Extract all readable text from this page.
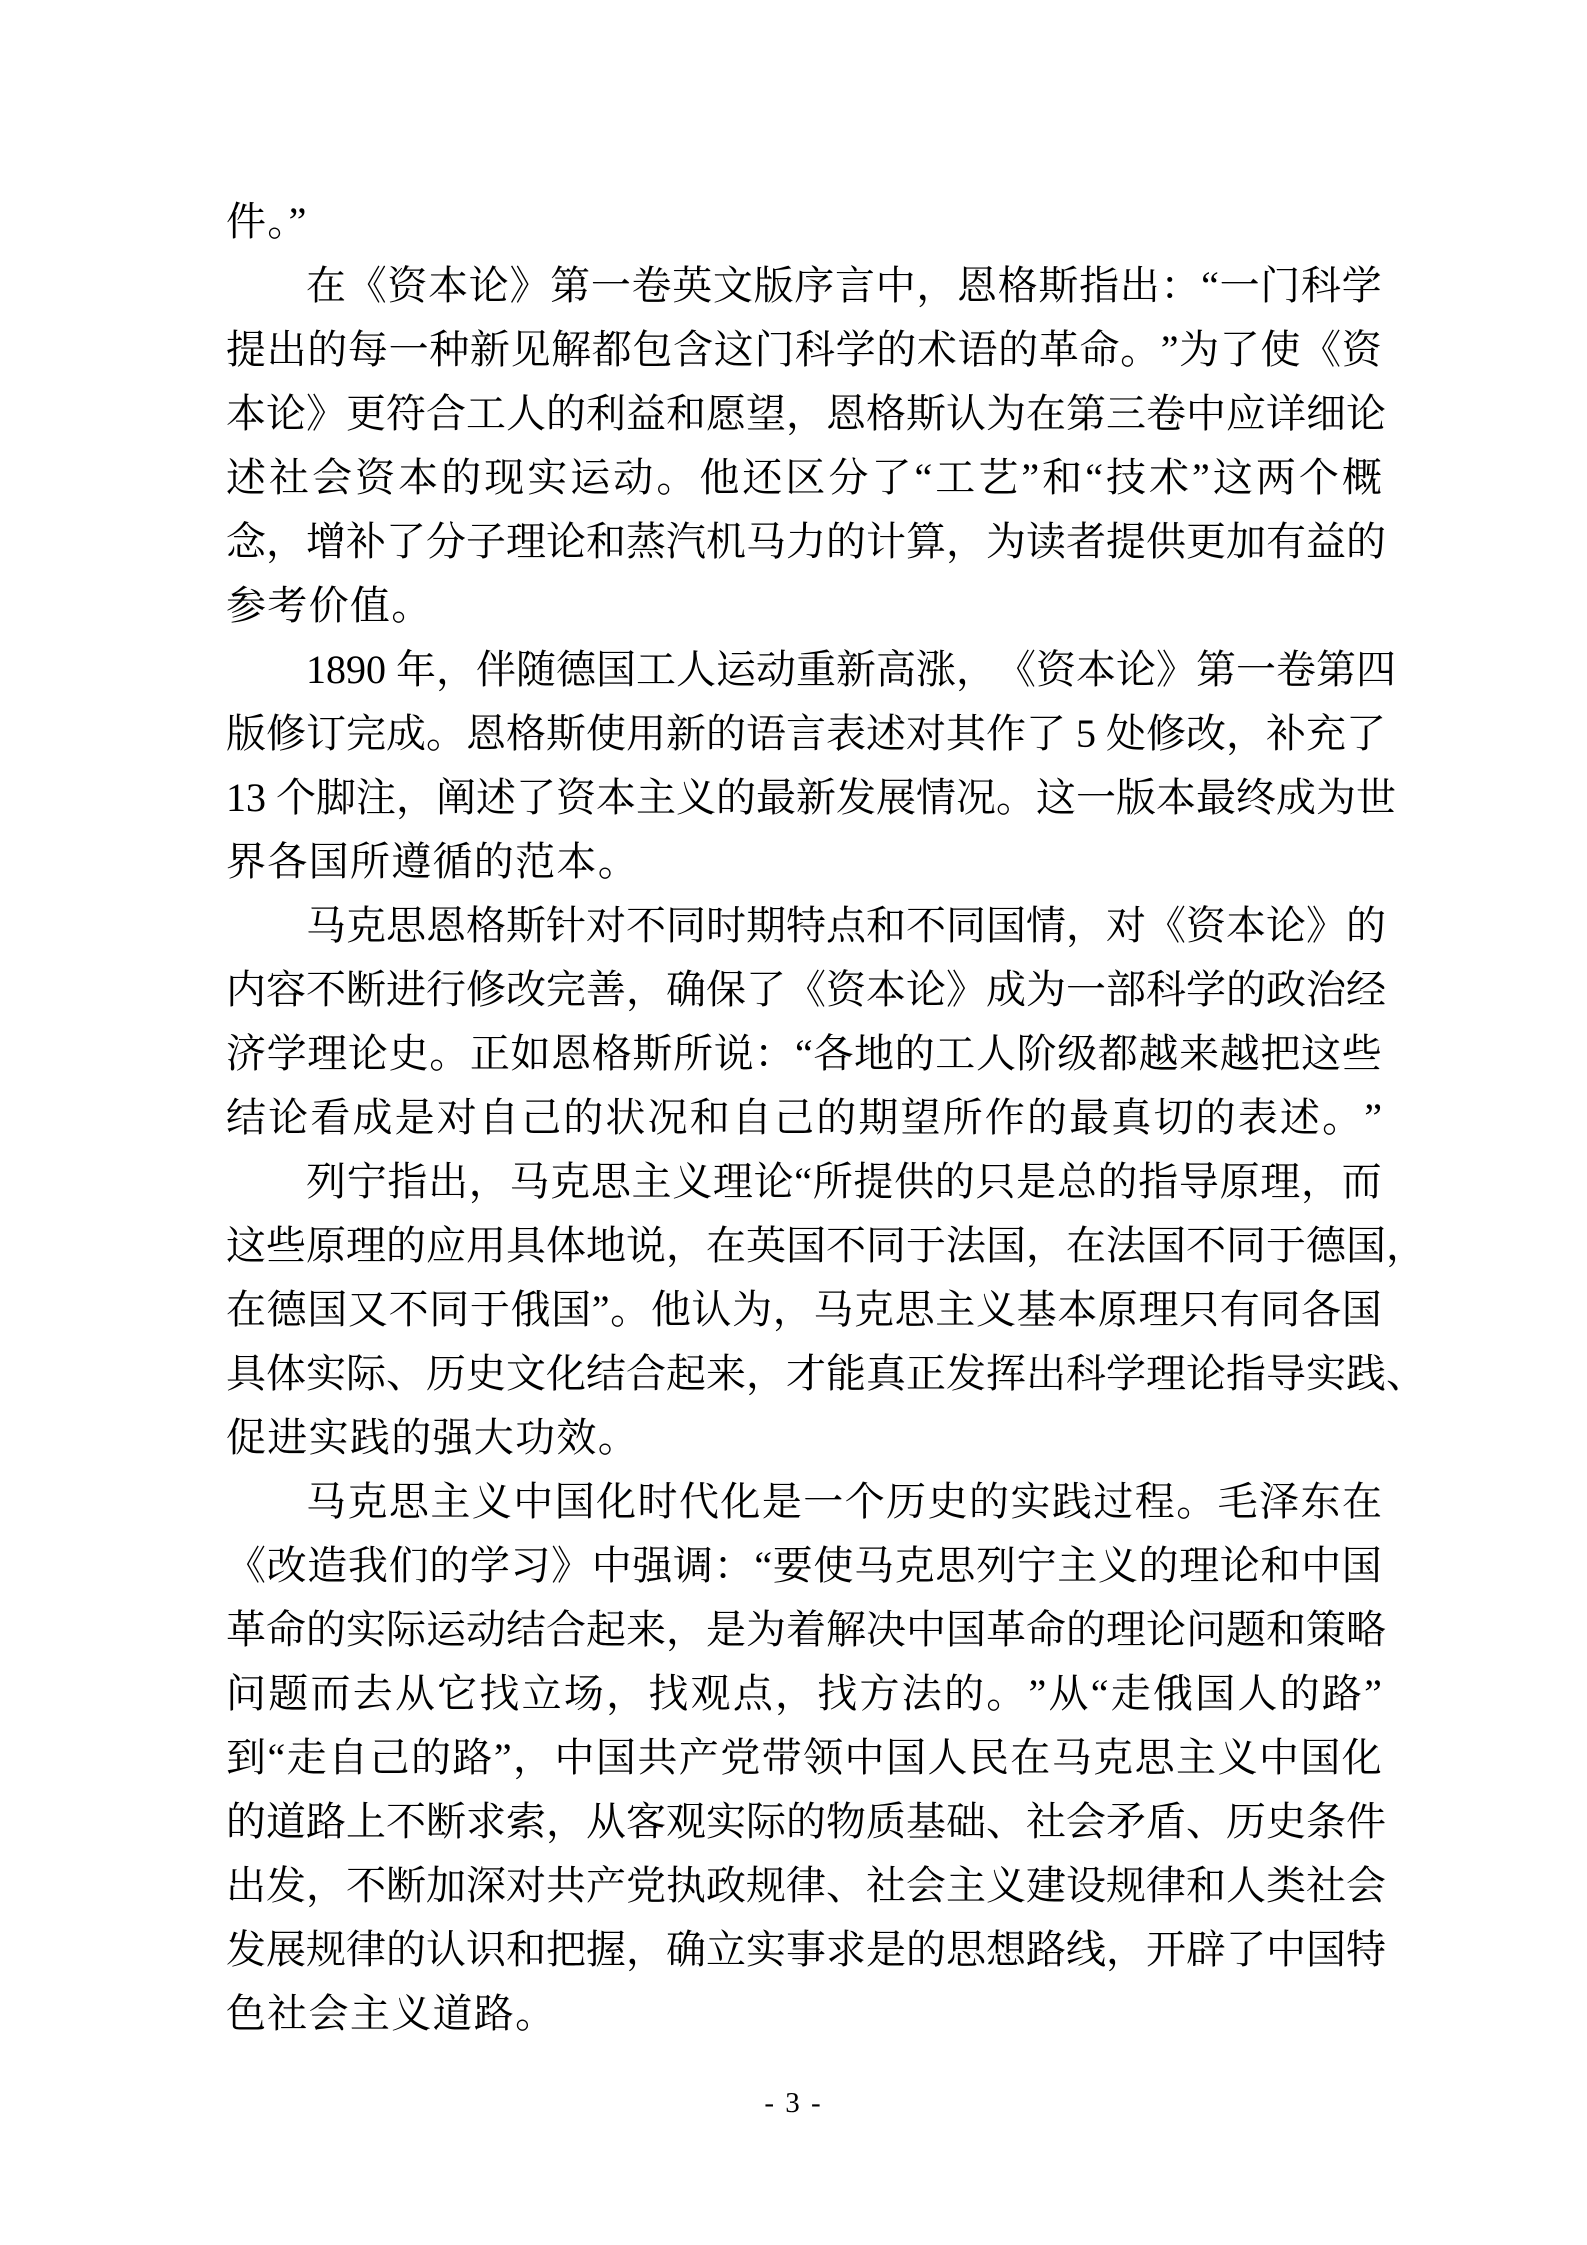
件。”
在 《 资 本 论 》 第 一 卷 英 文 版 序 言 中 ， 恩 格 斯 指 出 ： “ 一 门 科 学
提 出 的 每 一 种 新 见 解 都 包 含 这 门 科 学 的 术 语 的 革 命 。 ” 为 了 使 《 资
本 论 》 更 符 合 工 人 的 利 益 和 愿 望 ， 恩 格 斯 认 为 在 第 三 卷 中 应 详 细 论
述 社 会 资 本 的 现 实 运 动 。 他 还 区 分 了 “ 工 艺 ” 和 “ 技 术 ” 这 两 个 概
念 ， 增 补 了 分 子 理 论 和 蒸 汽 机 马 力 的 计 算 ， 为 读 者 提 供 更 加 有 益 的
参考价值。
1 8 9 0
年 ， 伴 随 德 国 工 人 运 动 重 新 高 涨 ， 《 资 本 论 》 第 一 卷 第 四
版 修 订 完 成 。 恩 格 斯 使 用 新 的 语 言 表 述 对 其 作 了
5
处 修 改 ， 补 充 了
1 3
个 脚 注 ， 阐 述 了 资 本 主 义 的 最 新 发 展 情 况 。 这 一 版 本 最 终 成 为 世
界各国所遵循的范本。
马 克 思 恩 格 斯 针 对 不 同 时 期 特 点 和 不 同 国 情 ， 对 《 资 本 论 》 的
内 容 不 断 进 行 修 改 完 善 ， 确 保 了 《 资 本 论 》 成 为 一 部 科 学 的 政 治 经
济 学 理 论 史 。 正 如 恩 格 斯 所 说 ： “ 各 地 的 工 人 阶 级 都 越 来 越 把 这 些
结 论 看 成 是 对 自 己 的 状 况 和 自 己 的 期 望 所 作 的 最 真 切 的 表 述 。 ”
列 宁 指 出 ， 马 克 思 主 义 理 论 “ 所 提 供 的 只 是 总 的 指 导 原 理 ， 而
这 些 原 理 的 应 用 具 体 地 说 ， 在 英 国 不 同 于 法 国 ， 在 法 国 不 同 于 德 国 ，
在 德 国 又 不 同 于 俄 国 ” 。 他 认 为 ， 马 克 思 主 义 基 本 原 理 只 有 同 各 国
具 体 实 际 、 历 史 文 化 结 合 起 来 ， 才 能 真 正 发 挥 出 科 学 理 论 指 导 实 践 、
促进实践的强大功效。
马 克 思 主 义 中 国 化 时 代 化 是 一 个 历 史 的 实 践 过 程 。 毛 泽 东 在
《 改 造 我 们 的 学 习 》 中 强 调 ： “ 要 使 马 克 思 列 宁 主 义 的 理 论 和 中 国
革 命 的 实 际 运 动 结 合 起 来 ， 是 为 着 解 决 中 国 革 命 的 理 论 问 题 和 策 略
问 题 而 去 从 它 找 立 场 ， 找 观 点 ， 找 方 法 的 。 ” 从 “ 走 俄 国 人 的 路 ”
到 “ 走 自 己 的 路 ” ， 中 国 共 产 党 带 领 中 国 人 民 在 马 克 思 主 义 中 国 化
的 道 路 上 不 断 求 索 ， 从 客 观 实 际 的 物 质 基 础 、 社 会 矛 盾 、 历 史 条 件
出 发 ， 不 断 加 深 对 共 产 党 执 政 规 律 、 社 会 主 义 建 设 规 律 和 人 类 社 会
发 展 规 律 的 认 识 和 把 握 ， 确 立 实 事 求 是 的 思 想 路 线 ， 开 辟 了 中 国 特
色社会主义道路。
- 3 -
